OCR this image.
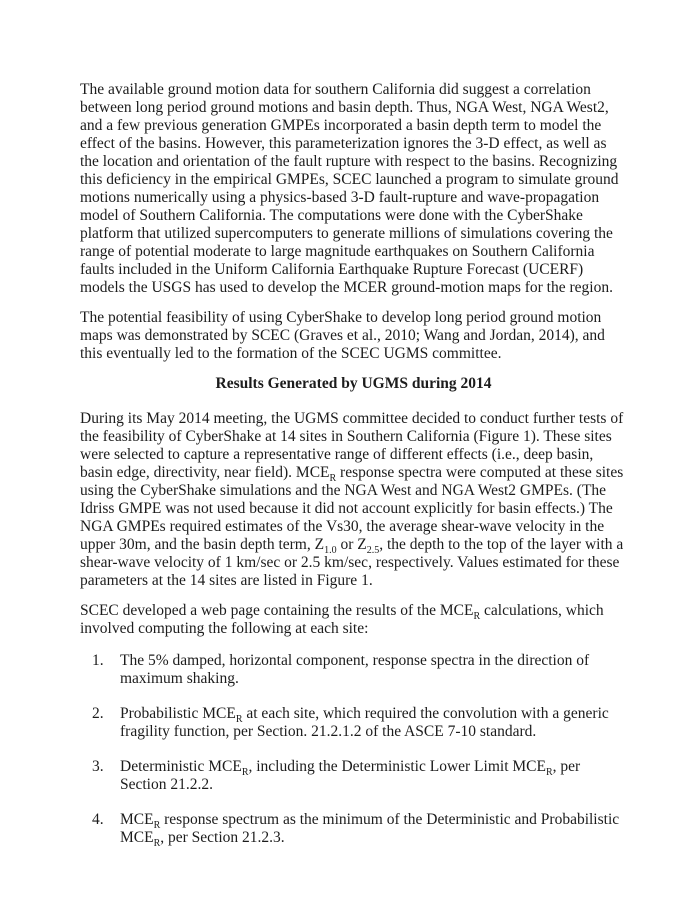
The available ground motion data for southern California did suggest a correlation between long period ground motions and basin depth. Thus, NGA West, NGA West2, and a few previous generation GMPEs incorporated a basin depth term to model the effect of the basins. However, this parameterization ignores the 3-D effect, as well as the location and orientation of the fault rupture with respect to the basins. Recognizing this deficiency in the empirical GMPEs, SCEC launched a program to simulate ground motions numerically using a physics-based 3-D fault-rupture and wave-propagation model of Southern California. The computations were done with the CyberShake platform that utilized supercomputers to generate millions of simulations covering the range of potential moderate to large magnitude earthquakes on Southern California faults included in the Uniform California Earthquake Rupture Forecast (UCERF) models the USGS has used to develop the MCER ground-motion maps for the region.

The potential feasibility of using CyberShake to develop long period ground motion maps was demonstrated by SCEC (Graves et al., 2010; Wang and Jordan, 2014), and this eventually led to the formation of the SCEC UGMS committee.

Results Generated by UGMS during 2014

During its May 2014 meeting, the UGMS committee decided to conduct further tests of the feasibility of CyberShake at 14 sites in Southern California (Figure 1). These sites were selected to capture a representative range of different effects (i.e., deep basin, basin edge, directivity, near field). $MCE_R$ response spectra were computed at these sites using the CyberShake simulations and the NGA West and NGA West2 GMPEs. (The Idriss GMPE was not used because it did not account explicitly for basin effects.) The NGA GMPEs required estimates of the Vs30, the average shear-wave velocity in the upper 30m, and the basin depth term, $Z_{1.0}$ or $Z_{2.5}$, the depth to the top of the layer with a shear-wave velocity of 1 km/sec or 2.5 km/sec, respectively. Values estimated for these parameters at the 14 sites are listed in Figure 1.

SCEC developed a web page containing the results of the $MCE_R$ calculations, which involved computing the following at each site:

1.	The 5% damped, horizontal component, response spectra in the direction of maximum shaking.
2.	Probabilistic $MCE_R$ at each site, which required the convolution with a generic fragility function, per Section. 21.2.1.2 of the ASCE 7-10 standard.
3.	Deterministic $MCE_R$, including the Deterministic Lower Limit $MCE_R$, per Section 21.2.2.
4.	$MCE_R$ response spectrum as the minimum of the Deterministic and Probabilistic $MCE_R$, per Section 21.2.3.
